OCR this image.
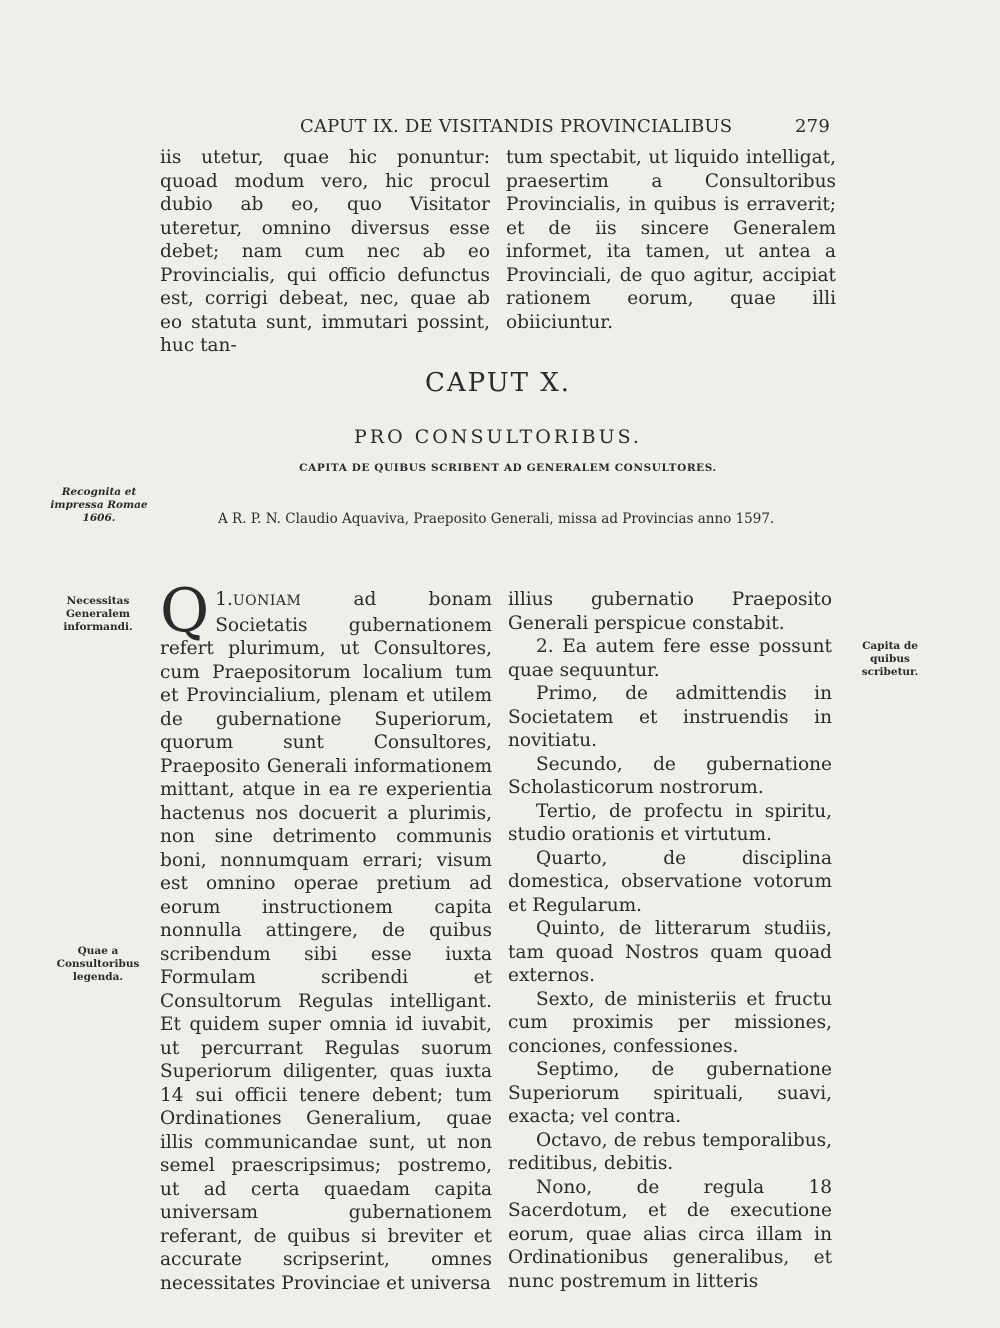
CAPUT IX. DE VISITANDIS PROVINCIALIBUS	279

iis utetur, quae hic ponuntur: quoad modum vero, hic procul dubio ab eo, quo Visitator uteretur, omnino diversus esse debet; nam cum nec ab eo Provincialis, qui officio defunctus est, corrigi debeat, nec, quae ab eo statuta sunt, immutari possint, huc tan-

tum spectabit, ut liquido intelligat, praesertim a Consultoribus Provincialis, in quibus is erraverit; et de iis sincere Generalem informet, ita tamen, ut antea a Provinciali, de quo agitur, accipiat rationem eorum, quae illi obiiciuntur.

CAPUT X.
PRO CONSULTORIBUS.
CAPITA DE QUIBUS SCRIBENT AD GENERALEM CONSULTORES.
A R. P. N. Claudio Aquaviva, Praeposito Generali, missa ad Provincias anno 1597.
Recognita et impressa Romae 1606.
Necessitas Generalem informandi.
Quae a Consultoribus legenda.
Capita de quibus scribetur.

1.
Q	UONIAM ad bonam Societatis gubernationem refert plurimum, ut Consultores, cum Praepositorum localium tum et Provincialium, plenam et utilem de gubernatione Superiorum, quorum sunt Consultores, Praeposito Generali informationem mittant, atque in ea re experientia hactenus nos docuerit a plurimis, non sine detrimento communis boni, nonnumquam errari; visum est omnino operae pretium ad eorum instructionem capita nonnulla attingere, de quibus scribendum sibi esse iuxta Formulam scribendi et Consultorum Regulas intelligant. Et quidem super omnia id iuvabit, ut percurrant Regulas suorum Superiorum diligenter, quas iuxta 14 sui officii tenere debent; tum Ordinationes Generalium, quae illis communicandae sunt, ut non semel praescripsimus; postremo, ut ad certa quaedam capita universam gubernationem referant, de quibus si breviter et accurate scripserint, omnes necessitates Provinciae et universa

illius gubernatio Praeposito Generali perspicue constabit.

2. Ea autem fere esse possunt quae sequuntur.

Primo, de admittendis in Societatem et instruendis in novitiatu.

Secundo, de gubernatione Scholasticorum nostrorum.

Tertio, de profectu in spiritu, studio orationis et virtutum.

Quarto, de disciplina domestica, observatione votorum et Regularum.

Quinto, de litterarum studiis, tam quoad Nostros quam quoad externos.

Sexto, de ministeriis et fructu cum proximis per missiones, conciones, confessiones.

Septimo, de gubernatione Superiorum spirituali, suavi, exacta; vel contra.

Octavo, de rebus temporalibus, reditibus, debitis.

Nono, de regula 18 Sacerdotum, et de executione eorum, quae alias circa illam in Ordinationibus generalibus, et nunc postremum in litteris
